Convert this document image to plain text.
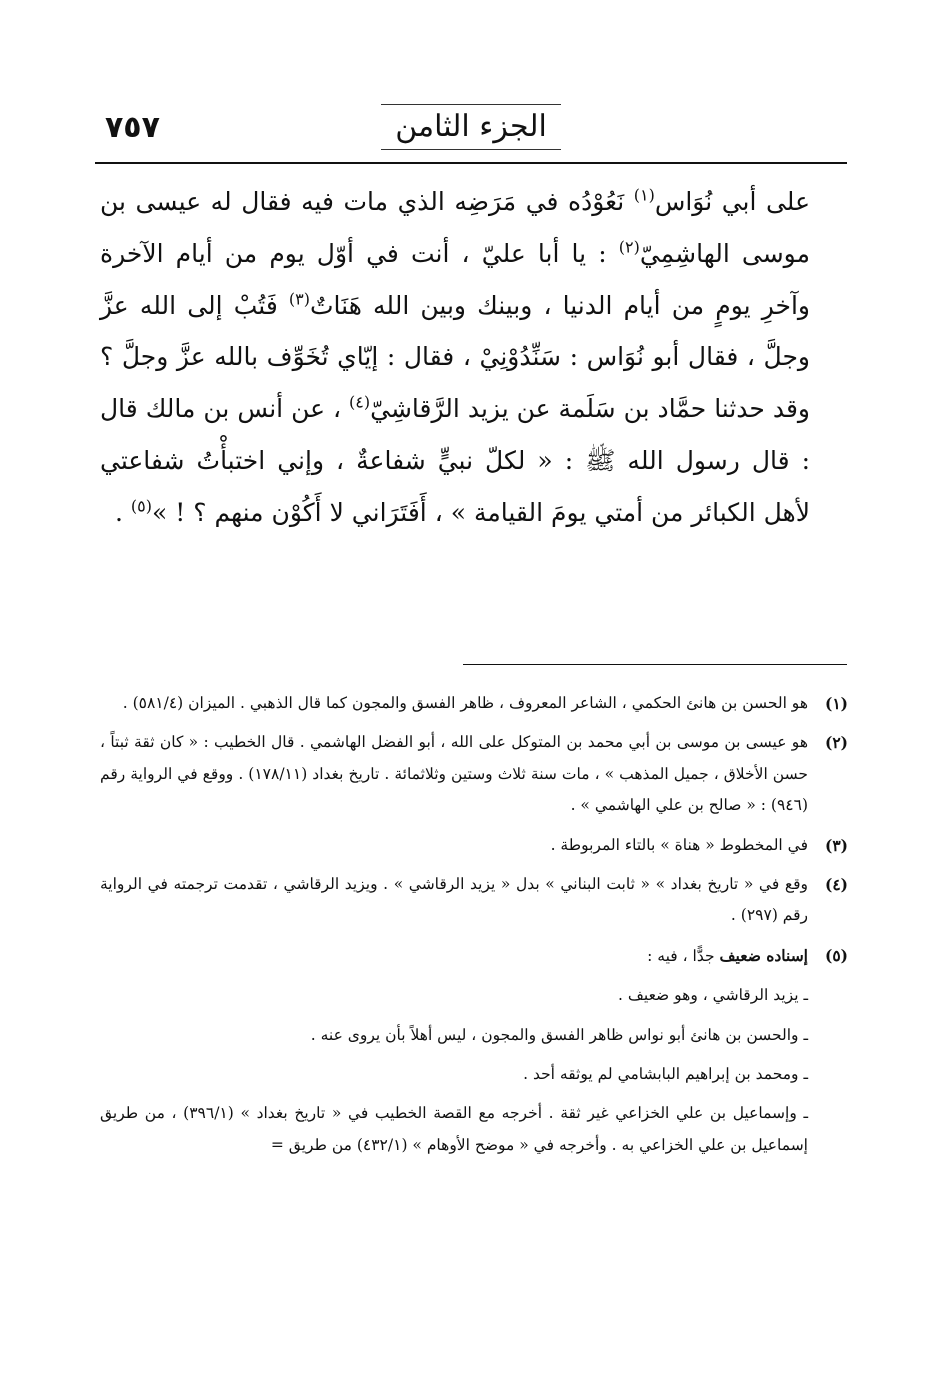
٧٥٧	الجزء الثامن

على أبي نُوَاس$^{(١)}$ نَعُوْدُه في مَرَضِه الذي مات فيه فقال له عيسى بن موسى الهاشِمِيّ$^{(٢)}$ : يا أبا عليّ ، أنت في أوّل يوم من أيام الآخرة وآخرِ يومٍ من أيام الدنيا ، وبينك وبين الله هَنَاتٌ$^{(٣)}$ فَتُبْ إلى الله عزَّ وجلَّ ، فقال أبو نُوَاس : سَنِّدُوْنِيْ ، فقال : إيّاي تُخَوِّف بالله عزَّ وجلَّ ؟ وقد حدثنا حمَّاد بن سَلَمة عن يزيد الرَّقاشِيّ$^{(٤)}$ ، عن أنس بن مالك قال : قال رسول الله ﷺ : « لكلّ نبيٍّ شفاعةٌ ، وإني اختبأْتُ شفاعتي لأهل الكبائر من أمتي يومَ القيامة » ، أَفَتَرَاني لا أَكُوْن منهم ؟ ! »$^{(٥)}$ .

(١)
هو الحسن بن هانئ الحكمي ، الشاعر المعروف ، ظاهر الفسق والمجون كما قال الذهبي . الميزان (٥٨١/٤) .
(٢)
هو عيسى بن موسى بن أبي محمد بن المتوكل على الله ، أبو الفضل الهاشمي . قال الخطيب : « كان ثقة ثبتاً ، حسن الأخلاق ، جميل المذهب » ، مات سنة ثلاث وستين وثلاثمائة . تاريخ بغداد (١٧٨/١١) . ووقع في الرواية رقم (٩٤٦) : « صالح بن علي الهاشمي » .
(٣)
في المخطوط « هناة » بالتاء المربوطة .
(٤)
وقع في « تاريخ بغداد » « ثابت البناني » بدل « يزيد الرقاشي » . ويزيد الرقاشي ، تقدمت ترجمته في الرواية رقم (٢٩٧) .
(٥)
إسناده ضعيف جدًّا ، فيه :
ـ يزيد الرقاشي ، وهو ضعيف .
ـ والحسن بن هانئ أبو نواس ظاهر الفسق والمجون ، ليس أهلاً بأن يروى عنه .
ـ ومحمد بن إبراهيم البابشامي لم يوثقه أحد .
ـ وإسماعيل بن علي الخزاعي غير ثقة . أخرجه مع القصة الخطيب في « تاريخ بغداد » (٣٩٦/١) ، من طريق إسماعيل بن علي الخزاعي به . وأخرجه في « موضح الأوهام » (٤٣٢/١) من طريق =
